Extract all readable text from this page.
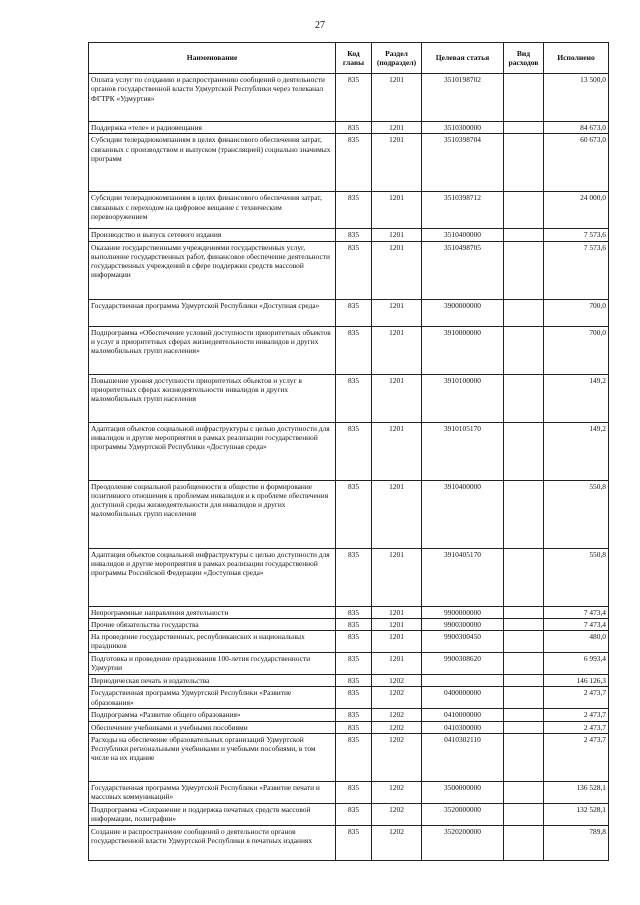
27
Наименование	Код главы	Раздел (подраздел)	Целевая статья	Вид расходов	Исполнено
Оплата услуг по созданию и распространению сообщений о деятельности органов государственной власти Удмуртской Республики через телеканал ФГТРК «Удмуртия»	835	1201	3510198702		13 500,0
Поддержка «теле» и радиовещания	835	1201	3510300000		84 673,0
Субсидии телерадиокомпаниям в целях финансового обеспечения затрат, связанных с производством и выпуском (трансляцией) социально значимых программ	835	1201	3510398704		60 673,0
Субсидии телерадиокомпаниям в целях финансового обеспечения затрат, связанных с переходом на цифровое вещание с техническим перевооружением	835	1201	3510398712		24 000,0
Производство и выпуск сетевого издания	835	1201	3510400000		7 573,6
Оказание государственными учреждениями государственных услуг, выполнение государственных работ, финансовое обеспечение деятельности государственных учреждений в сфере поддержки средств массовой информации	835	1201	3510498705		7 573,6
Государственная программа Удмуртской Республики «Доступная среда»	835	1201	3900000000		700,0
Подпрограмма «Обеспечение условий доступности приоритетных объектов и услуг в приоритетных сферах жизнедеятельности инвалидов и других маломобильных групп населения»	835	1201	3910000000		700,0
Повышение уровня доступности приоритетных объектов и услуг в приоритетных сферах жизнедеятельности инвалидов и других маломобильных групп населения	835	1201	3910100000		149,2
Адаптация объектов социальной инфраструктуры с целью доступности для инвалидов и другие мероприятия в рамках реализации государственной программы Удмуртской Республики «Доступная среда»	835	1201	3910105170		149,2
Преодоление социальной разобщенности в обществе и формирование позитивного отношения к проблемам инвалидов и к проблеме обеспечения доступной среды жизнедеятельности для инвалидов и других маломобильных групп населения	835	1201	3910400000		550,8
Адаптация объектов социальной инфраструктуры с целью доступности для инвалидов и другие мероприятия в рамках реализации государственной программы Российской Федерации «Доступная среда»	835	1201	3910405170		550,8
Непрограммные направления деятельности	835	1201	9900000000		7 473,4
Прочие обязательства государства	835	1201	9900300000		7 473,4
На проведение государственных, республиканских и национальных праздников	835	1201	9900300450		480,0
Подготовка и проведение празднования 100-летия государственности Удмуртии	835	1201	9900308620		6 993,4
Периодическая печать и издательства	835	1202			146 126,3
Государственная программа Удмуртской Республики «Развитие образования»	835	1202	0400000000		2 473,7
Подпрограмма «Развитие общего образования»	835	1202	0410000000		2 473,7
Обеспечение учебниками и учебными пособиями	835	1202	0410300000		2 473,7
Расходы на обеспечение образовательных организаций Удмуртской Республики региональными учебниками и учебными пособиями, в том числе на их издание	835	1202	0410302110		2 473,7
Государственная программа Удмуртской Республики «Развитие печати и массовых коммуникаций»	835	1202	3500000000		136 528,1
Подпрограмма «Сохранение и поддержка печатных средств массовой информации, полиграфии»	835	1202	3520000000		132 528,1
Создание и распространение сообщений о деятельности органов государственной власти Удмуртской Республики в печатных изданиях	835	1202	3520200000		789,8
